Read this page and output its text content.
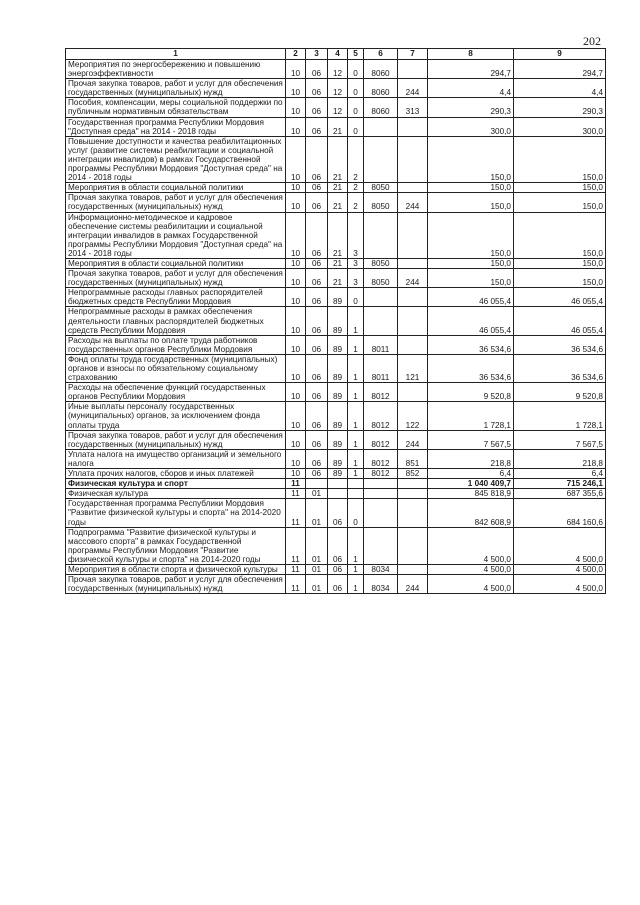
202
1	2	3	4	5	6	7	8	9
Мероприятия по энергосбережению и повышению энергоэффективности	10	06	12	0	8060		294,7	294,7
Прочая закупка товаров, работ и услуг для обеспечения государственных (муниципальных) нужд	10	06	12	0	8060	244	4,4	4,4
Пособия, компенсации, меры социальной поддержки по публичным нормативным обязательствам	10	06	12	0	8060	313	290,3	290,3
Государственная программа Республики Мордовия "Доступная среда" на 2014 - 2018 годы	10	06	21	0			300,0	300,0
Повышение доступности и качества реабилитационных услуг (развитие системы реабилитации и социальной интеграции инвалидов) в рамках Государственной программы Республики Мордовия "Доступная среда" на 2014 - 2018 годы	10	06	21	2			150,0	150,0
Мероприятия в области социальной политики	10	06	21	2	8050		150,0	150,0
Прочая закупка товаров, работ и услуг для обеспечения государственных (муниципальных) нужд	10	06	21	2	8050	244	150,0	150,0
Информационно-методическое и кадровое обеспечение системы реабилитации и социальной интеграции инвалидов в рамках Государственной программы Республики Мордовия "Доступная среда" на 2014 - 2018 годы	10	06	21	3			150,0	150,0
Мероприятия в области социальной политики	10	06	21	3	8050		150,0	150,0
Прочая закупка товаров, работ и услуг для обеспечения государственных (муниципальных) нужд	10	06	21	3	8050	244	150,0	150,0
Непрограммные расходы главных распорядителей бюджетных средств Республики Мордовия	10	06	89	0			46 055,4	46 055,4
Непрограммные расходы в рамках обеспечения деятельности главных распорядителей бюджетных средств Республики Мордовия	10	06	89	1			46 055,4	46 055,4
Расходы на выплаты по оплате труда работников государственных органов Республики Мордовия	10	06	89	1	8011		36 534,6	36 534,6
Фонд оплаты труда государственных (муниципальных) органов и взносы по обязательному социальному страхованию	10	06	89	1	8011	121	36 534,6	36 534,6
Расходы на обеспечение функций государственных органов Республики Мордовия	10	06	89	1	8012		9 520,8	9 520,8
Иные выплаты персоналу государственных (муниципальных) органов, за исключением фонда оплаты труда	10	06	89	1	8012	122	1 728,1	1 728,1
Прочая закупка товаров, работ и услуг для обеспечения государственных (муниципальных) нужд	10	06	89	1	8012	244	7 567,5	7 567,5
Уплата налога на имущество организаций и земельного налога	10	06	89	1	8012	851	218,8	218,8
Уплата прочих налогов, сборов и иных платежей	10	06	89	1	8012	852	6,4	6,4
Физическая культура и спорт	11						1 040 409,7	715 246,1
Физическая культура	11	01					845 818,9	687 355,6
Государственная программа Республики Мордовия "Развитие физической культуры и спорта" на 2014-2020 годы	11	01	06	0			842 608,9	684 160,6
Подпрограмма "Развитие физической культуры и массового спорта" в рамках Государственной программы Республики Мордовия "Развитие физической культуры и спорта" на 2014-2020 годы	11	01	06	1			4 500,0	4 500,0
Мероприятия в области спорта и физической культуры	11	01	06	1	8034		4 500,0	4 500,0
Прочая закупка товаров, работ и услуг для обеспечения государственных (муниципальных) нужд	11	01	06	1	8034	244	4 500,0	4 500,0
